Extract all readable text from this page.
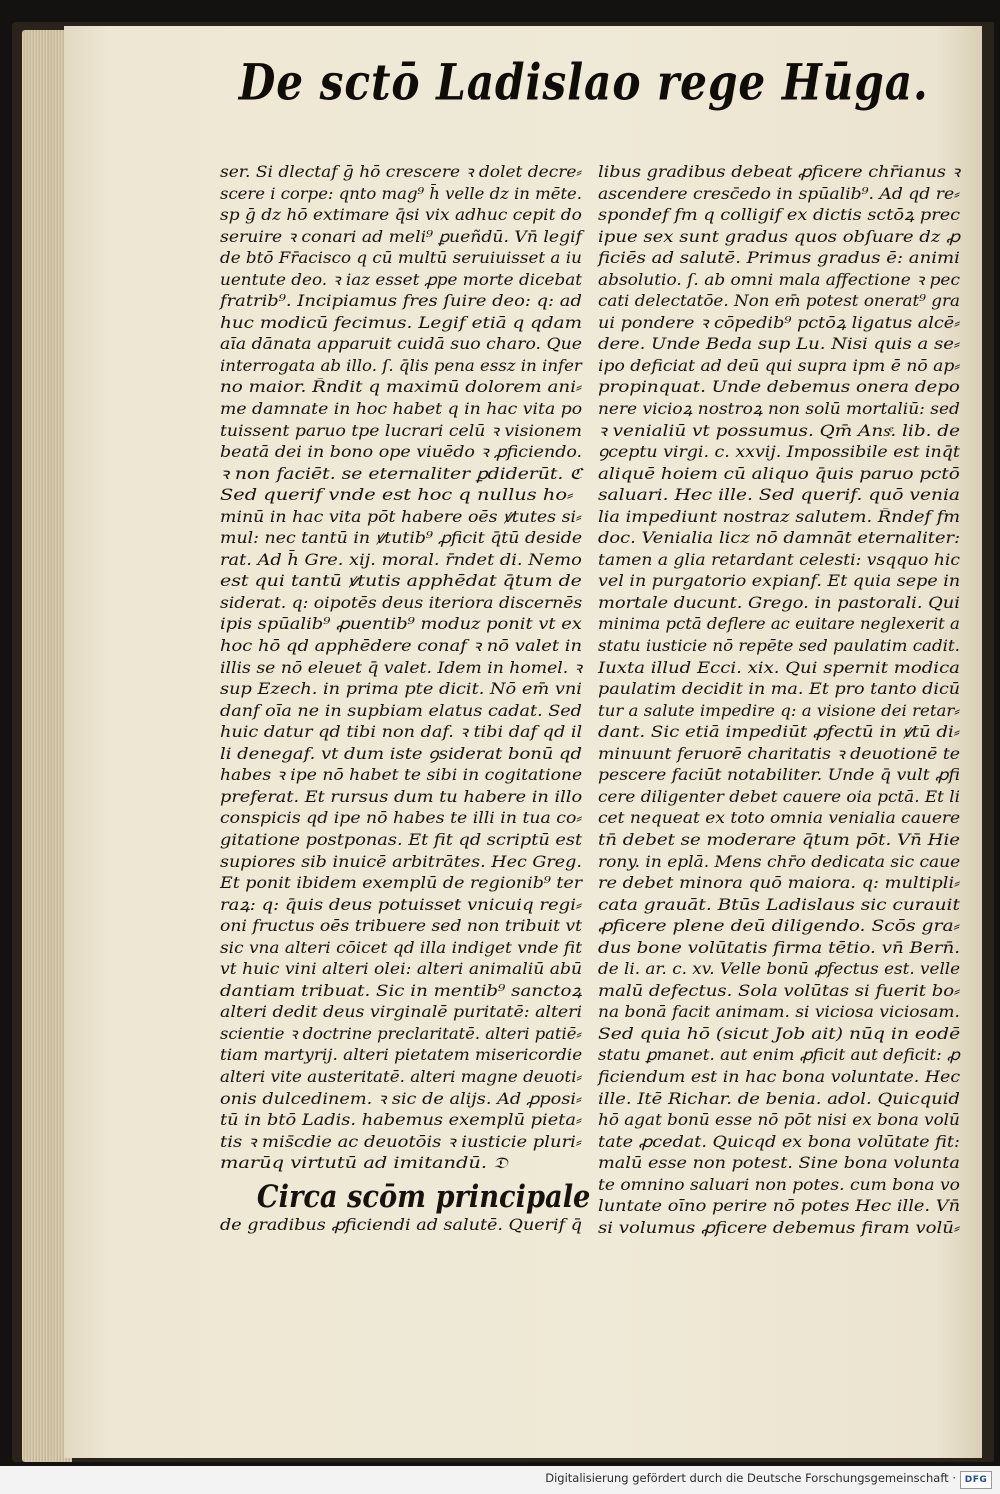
De sctō Ladislao rege Hūga.
ser. Si dlectaf ḡ hō crescere ꝛ dolet decre⸗
scere i corpe: qnto mag⁹ h̄ velle dz in mēte.
sp ḡ dz hō extimare q̄si vix adhuc cepit do
seruire ꝛ conari ad meli⁹ ꝑueñdū. Vn̄ legif
de btō Fr̄acisco q cū multū seruiuisset a iu
uentute deo. ꝛ iaz esset ꝓpe morte dicebat
fratrib⁹. Incipiamus fres ſuire deo: q: ad
huc modicū fecimus. Legif etiā q qdam
aīa dānata apparuit cuidā suo charo. Que
interrogata ab illo. ſ. q̄lis pena essz in infer
no maior. R̄ndit q maximū dolorem ani⸗
me damnate in hoc habet q in hac vita po
tuissent paruo tpe lucrari celū ꝛ visionem
beatā dei in bono ope viuēdo ꝛ ꝓficiendo.
ꝛ non faciēt. se eternaliter ꝑdiderūt. ℭ
Sed querif vnde est hoc q nullus ho⸗
minū in hac vita pōt habere oēs ꝟtutes si⸗
mul: nec tantū in ꝟtutib⁹ ꝓficit q̄tū deside
rat. Ad h̄ Gre. xij. moral. r̄ndet di. Nemo
est qui tantū ꝟtutis apphēdat q̄tum de
siderat. q: oipotēs deus iteriora discernēs
ipis spūalib⁹ ꝓuentib⁹ moduz ponit vt ex
hoc hō qd apphēdere conaf ꝛ nō valet in
illis se nō eleuet q̄ valet. Idem in homel. ꝛ
sup Ezech. in prima pte dicit. Nō em̄ vni
danf oīa ne in supbiam elatus cadat. Sed
huic datur qd tibi non daf. ꝛ tibi daf qd il
li denegaf. vt dum iste ꝯsiderat bonū qd
habes ꝛ ipe nō habet te sibi in cogitatione
preferat. Et rursus dum tu habere in illo
conspicis qd ipe nō habes te illi in tua co⸗
gitatione postponas. Et fit qd scriptū est
supiores sib inuicē arbitrātes. Hec Greg.
Et ponit ibidem exemplū de regionib⁹ ter
raꝝ: q: q̄uis deus potuisset vnicuiq regi⸗
oni fructus oēs tribuere sed non tribuit vt
sic vna alteri cōicet qd illa indiget vnde fit
vt huic vini alteri olei: alteri animaliū abū
dantiam tribuat. Sic in mentib⁹ sanctoꝝ
alteri dedit deus virginalē puritatē: alteri
scientie ꝛ doctrine preclaritatē. alteri patiē⸗
tiam martyrij. alteri pietatem misericordie
alteri vite austeritatē. alteri magne deuoti⸗
onis dulcedinem. ꝛ sic de alijs. Ad ꝓposi⸗
tū in btō Ladis. habemus exemplū pieta⸗
tis ꝛ mis̄cdie ac deuotōis ꝛ iusticie pluri⸗
marūq virtutū ad imitandū. 𝔇
Circa scōm principale
de gradibus ꝓficiendi ad salutē. Querif q̄
libus gradibus debeat ꝓficere chr̄ianus ꝛ
ascendere cresc̄edo in spūalib⁹. Ad qd re⸗
spondef fm q colligif ex dictis sctōꝝ prec
ipue sex sunt gradus quos obſuare dz ꝓ
ficiēs ad salutē. Primus gradus ē: animi
absolutio. ſ. ab omni mala affectione ꝛ pec
cati delectatōe. Non em̄ potest onerat⁹ gra
ui pondere ꝛ cōpedib⁹ pctōꝝ ligatus alcē⸗
dere. Unde Beda sup Lu. Nisi quis a se⸗
ipo deficiat ad deū qui supra ipm ē nō ap⸗
propinquat. Unde debemus onera depo
nere vicioꝝ nostroꝝ non solū mortaliū: sed
ꝛ venialiū vt possumus. Qm̄ Ansͤ. lib. de
ꝯceptu virgi. c. xxvij. Impossibile est inq̄t
aliquē hoiem cū aliquo q̄uis paruo pctō
saluari. Hec ille. Sed querif. quō venia
lia impediunt nostraz salutem. R̄ndef fm
doc. Venialia licz nō damnāt eternaliter:
tamen a glia retardant celesti: vsqquo hic
vel in purgatorio expianf. Et quia sepe in
mortale ducunt. Grego. in pastorali. Qui
minima pctā deflere ac euitare neglexerit a
statu iusticie nō repēte sed paulatim cadit.
Iuxta illud Ecci. xix. Qui spernit modica
paulatim decidit in ma. Et pro tanto dicū
tur a salute impedire q: a visione dei retar⸗
dant. Sic etiā impediūt ꝓfectū in ꝟtū di⸗
minuunt feruorē charitatis ꝛ deuotionē te
pescere faciūt notabiliter. Unde q̄ vult ꝓfi
cere diligenter debet cauere oia pctā. Et li
cet nequeat ex toto omnia venialia cauere
tn̄ debet se moderare q̄tum pōt. Vn̄ Hie
rony. in eplā. Mens chr̄o dedicata sic caue
re debet minora quō maiora. q: multipli⸗
cata grauāt. Btūs Ladislaus sic curauit
ꝓficere plene deū diligendo. Scōs gra⸗
dus bone volūtatis firma tētio. vn̄ Bern̄.
de li. ar. c. xv. Velle bonū ꝓfectus est. velle
malū defectus. Sola volūtas si fuerit bo⸗
na bonā facit animam. si viciosa viciosam.
Sed quia hō (sicut Job ait) nūq in eodē
statu ꝑmanet. aut enim ꝓficit aut deficit: ꝓ
ficiendum est in hac bona voluntate. Hec
ille. Itē Richar. de benia. adol. Quicquid
hō agat bonū esse nō pōt nisi ex bona volū
tate ꝓcedat. Quicqd ex bona volūtate fit:
malū esse non potest. Sine bona volunta
te omnino saluari non potes. cum bona vo
luntate oīno perire nō potes Hec ille. Vn̄
si volumus ꝓficere debemus firam volū⸗
Digitalisierung gefördert durch die Deutsche Forschungsgemeinschaft · DFG
